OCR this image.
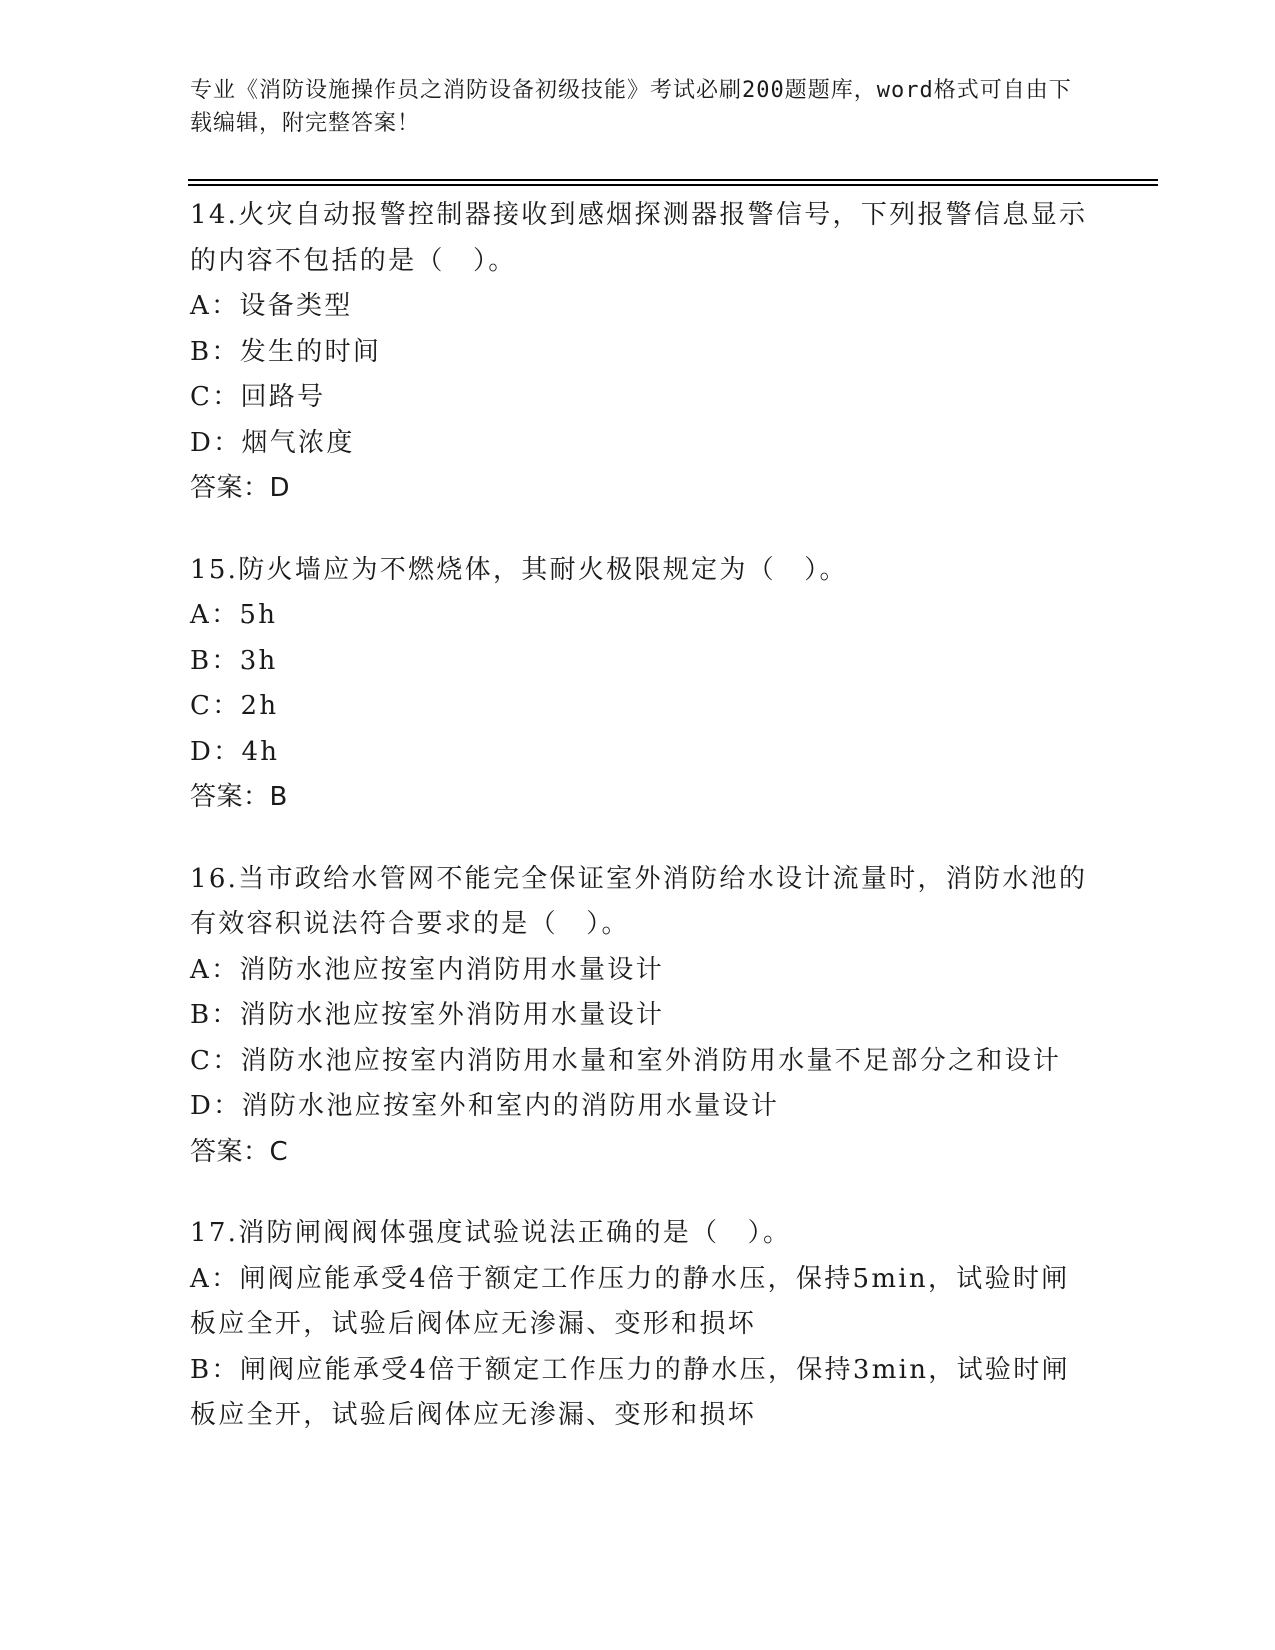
专业《消防设施操作员之消防设备初级技能》考试必刷200题题库，word格式可自由下载编辑，附完整答案！
14.火灾自动报警控制器接收到感烟探测器报警信号，下列报警信息显示的内容不包括的是（　）。
A：设备类型
B：发生的时间
C：回路号
D：烟气浓度
答案：D
15.防火墙应为不燃烧体，其耐火极限规定为（　）。
A：5h
B：3h
C：2h
D：4h
答案：B
16.当市政给水管网不能完全保证室外消防给水设计流量时，消防水池的有效容积说法符合要求的是（　）。
A：消防水池应按室内消防用水量设计
B：消防水池应按室外消防用水量设计
C：消防水池应按室内消防用水量和室外消防用水量不足部分之和设计
D：消防水池应按室外和室内的消防用水量设计
答案：C
17.消防闸阀阀体强度试验说法正确的是（　）。
A：闸阀应能承受4倍于额定工作压力的静水压，保持5min，试验时闸板应全开，试验后阀体应无渗漏、变形和损坏
B：闸阀应能承受4倍于额定工作压力的静水压，保持3min，试验时闸板应全开，试验后阀体应无渗漏、变形和损坏
